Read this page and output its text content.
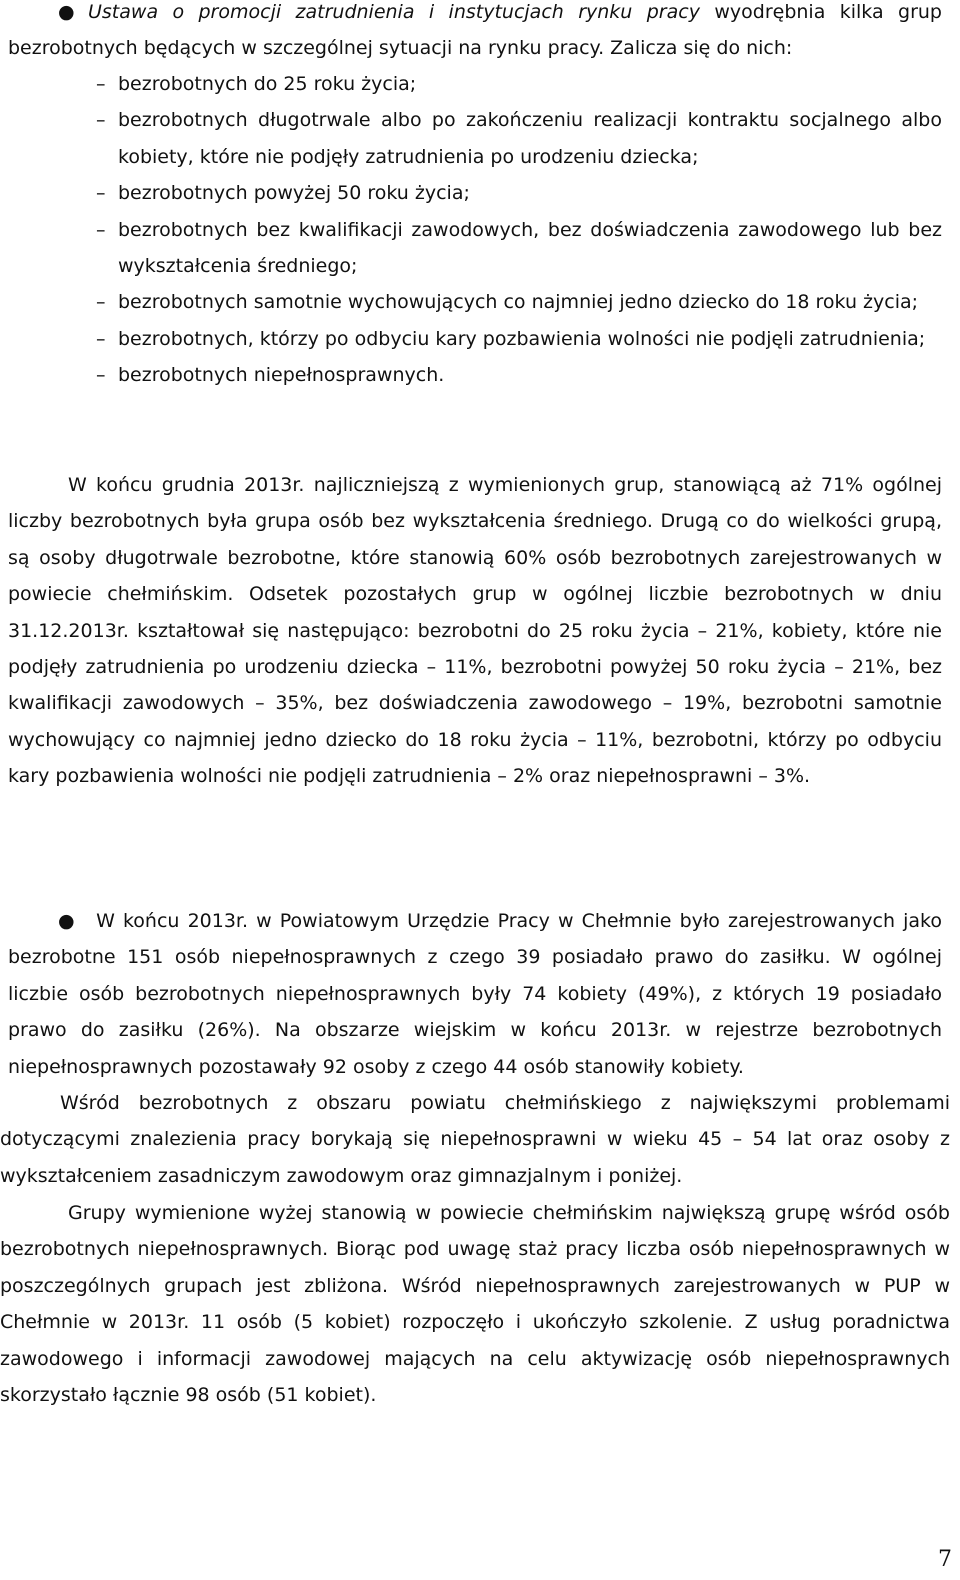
● Ustawa o promocji zatrudnienia i instytucjach rynku pracy wyodrębnia kilka grup bezrobotnych będących w szczególnej sytuacji na rynku pracy. Zalicza się do nich:

– bezrobotnych do 25 roku życia;
– bezrobotnych długotrwale albo po zakończeniu realizacji kontraktu socjalnego albo kobiety, które nie podjęły zatrudnienia po urodzeniu dziecka;
– bezrobotnych powyżej 50 roku życia;
– bezrobotnych bez kwalifikacji zawodowych, bez doświadczenia zawodowego lub bez wykształcenia średniego;
– bezrobotnych samotnie wychowujących co najmniej jedno dziecko do 18 roku życia;
– bezrobotnych, którzy po odbyciu kary pozbawienia wolności nie podjęli zatrudnienia;
– bezrobotnych niepełnosprawnych.

W końcu grudnia 2013r. najliczniejszą z wymienionych grup, stanowiącą aż 71% ogólnej liczby bezrobotnych była grupa osób bez wykształcenia średniego. Drugą co do wielkości grupą, są osoby długotrwale bezrobotne, które stanowią 60% osób bezrobotnych zarejestrowanych w powiecie chełmińskim. Odsetek pozostałych grup w ogólnej liczbie bezrobotnych w dniu 31.12.2013r. kształtował się następująco: bezrobotni do 25 roku życia – 21%, kobiety, które nie podjęły zatrudnienia po urodzeniu dziecka – 11%, bezrobotni powyżej 50 roku życia – 21%, bez kwalifikacji zawodowych – 35%, bez doświadczenia zawodowego – 19%, bezrobotni samotnie wychowujący co najmniej jedno dziecko do 18 roku życia – 11%, bezrobotni, którzy po odbyciu kary pozbawienia wolności nie podjęli zatrudnienia – 2% oraz niepełnosprawni – 3%.

● W końcu 2013r. w Powiatowym Urzędzie Pracy w Chełmnie było zarejestrowanych jako bezrobotne 151 osób niepełnosprawnych z czego 39 posiadało prawo do zasiłku. W ogólnej liczbie osób bezrobotnych niepełnosprawnych były 74 kobiety (49%), z których 19 posiadało prawo do zasiłku (26%). Na obszarze wiejskim w końcu 2013r. w rejestrze bezrobotnych niepełnosprawnych pozostawały 92 osoby z czego 44 osób stanowiły kobiety.

Wśród bezrobotnych z obszaru powiatu chełmińskiego z największymi problemami dotyczącymi znalezienia pracy borykają się niepełnosprawni w wieku 45 – 54 lat oraz osoby z wykształceniem zasadniczym zawodowym oraz gimnazjalnym i poniżej.

Grupy wymienione wyżej stanowią w powiecie chełmińskim największą grupę wśród osób bezrobotnych niepełnosprawnych. Biorąc pod uwagę staż pracy liczba osób niepełnosprawnych w poszczególnych grupach jest zbliżona. Wśród niepełnosprawnych zarejestrowanych w PUP w Chełmnie w 2013r. 11 osób (5 kobiet) rozpoczęło i ukończyło szkolenie. Z usług poradnictwa zawodowego i informacji zawodowej mających na celu aktywizację osób niepełnosprawnych skorzystało łącznie 98 osób (51 kobiet).

7
